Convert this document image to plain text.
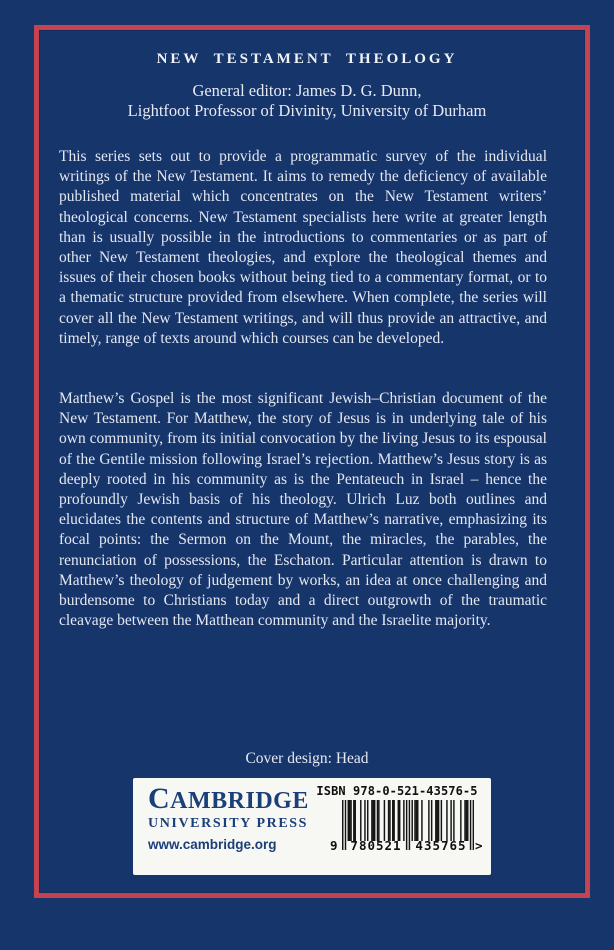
NEW TESTAMENT THEOLOGY
General editor: James D. G. Dunn,
Lightfoot Professor of Divinity, University of Durham
This series sets out to provide a programmatic survey of the individual writings of the New Testament. It aims to remedy the deficiency of available published material which concentrates on the New Testament writers’ theological concerns. New Testament specialists here write at greater length than is usually possible in the introductions to commentaries or as part of other New Testament theologies, and explore the theological themes and issues of their chosen books without being tied to a commentary format, or to a thematic structure provided from elsewhere. When complete, the series will cover all the New Testament writings, and will thus provide an attractive, and timely, range of texts around which courses can be developed.
Matthew’s Gospel is the most significant Jewish–Christian document of the New Testament. For Matthew, the story of Jesus is in underlying tale of his own community, from its initial convocation by the living Jesus to its espousal of the Gentile mission following Israel’s rejection. Matthew’s Jesus story is as deeply rooted in his community as is the Pentateuch in Israel – hence the profoundly Jewish basis of his theology. Ulrich Luz both outlines and elucidates the contents and structure of Matthew’s narrative, emphasizing its focal points: the Sermon on the Mount, the miracles, the parables, the renunciation of possessions, the Eschaton. Particular attention is drawn to Matthew’s theology of judgement by works, an idea at once challenging and burdensome to Christians today and a direct outgrowth of the traumatic cleavage between the Matthean community and the Israelite majority.
Cover design: Head
CAMBRIDGE
UNIVERSITY PRESS
www.cambridge.org
ISBN 978-0-521-43576-5
9 780521 435765 >
